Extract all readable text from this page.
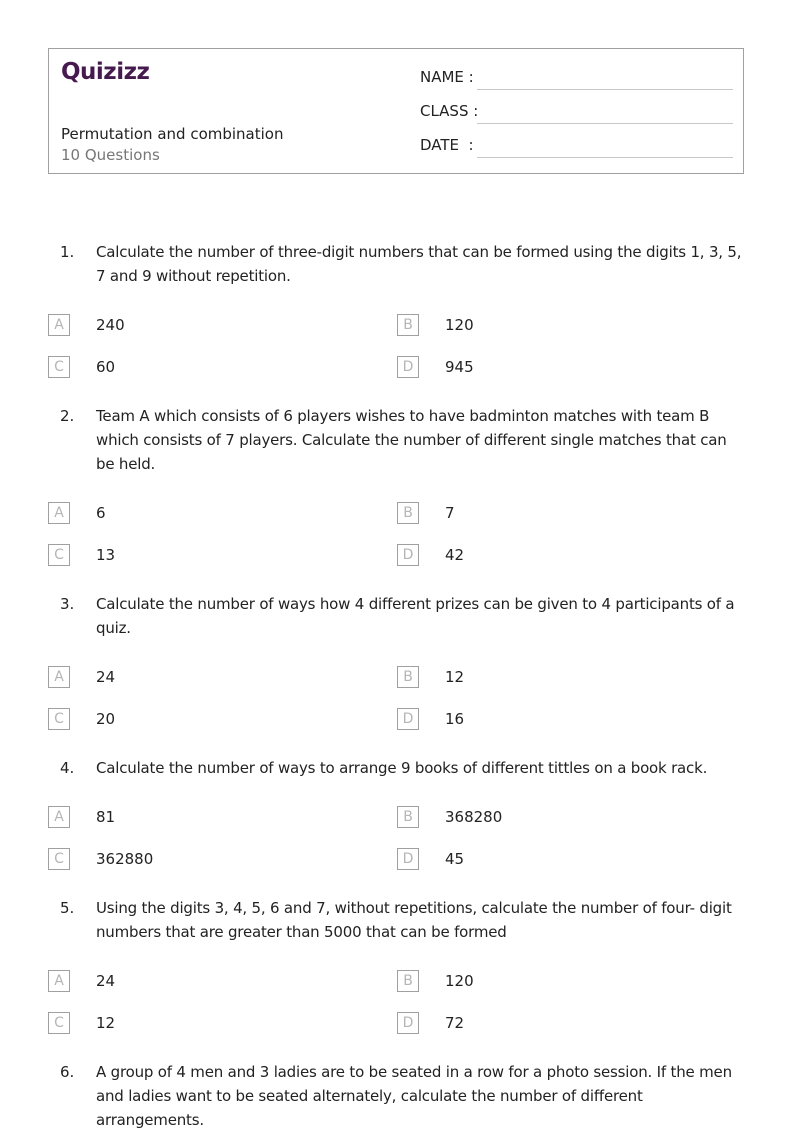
Quizizz
Permutation and combination
10 Questions
NAME :
CLASS :
DATE  :
1. Calculate the number of three-digit numbers that can be formed using the digits 1, 3, 5, 7 and 9 without repetition.
A	240	B	120
C	60	D	945
2. Team A which consists of 6 players wishes to have badminton matches with team B which consists of 7 players. Calculate the number of different single matches that can be held.
A	6	B	7
C	13	D	42
3. Calculate the number of ways how 4 different prizes can be given to 4 participants of a quiz.
A	24	B	12
C	20	D	16
4. Calculate the number of ways to arrange 9 books of different tittles on a book rack.
A	81	B	368280
C	362880	D	45
5. Using the digits 3, 4, 5, 6 and 7, without repetitions, calculate the number of four- digit numbers that are greater than 5000 that can be formed
A	24	B	120
C	12	D	72
6. A group of 4 men and 3 ladies are to be seated in a row for a photo session. If the men and ladies want to be seated alternately, calculate the number of different arrangements.
